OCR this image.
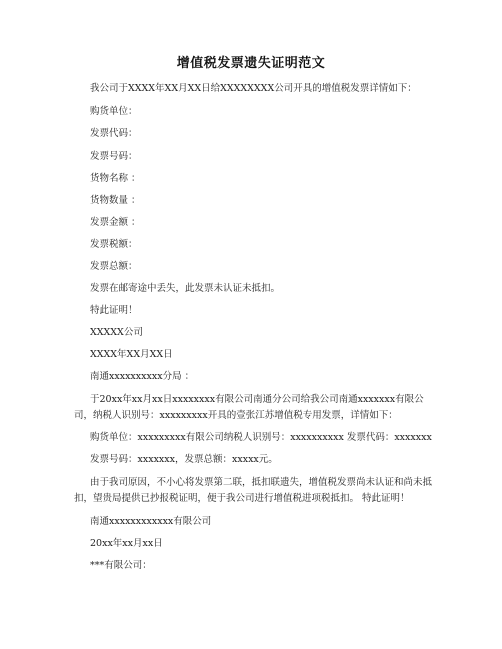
增值税发票遗失证明范文
我公司于XXXX年XX月XX日给XXXXXXXX公司开具的增值税发票详情如下：
购货单位：
发票代码：
发票号码：
货物名称 ：
货物数量 ：
发票金额 ：
发票税额：
发票总额：
发票在邮寄途中丢失，此发票未认证未抵扣。
特此证明！
XXXXX公司
XXXX年XX月XX日
南通xxxxxxxxxx分局 ：
于20xx年xx月xx日xxxxxxxx有限公司南通分公司给我公司南通xxxxxxx有限公司，纳税人识别号：xxxxxxxxx开具的壹张江苏增值税专用发票，详情如下：
购货单位：xxxxxxxxx有限公司纳税人识别号：xxxxxxxxxx 发票代码：xxxxxxx
发票号码：xxxxxxx，发票总额：xxxxx元。
由于我司原因，不小心将发票第二联，抵扣联遗失，增值税发票尚未认证和尚未抵扣，望贵局提供已抄报税证明，便于我公司进行增值税进项税抵扣。 特此证明！
南通xxxxxxxxxxxx有限公司
20xx年xx月xx日
***有限公司：
